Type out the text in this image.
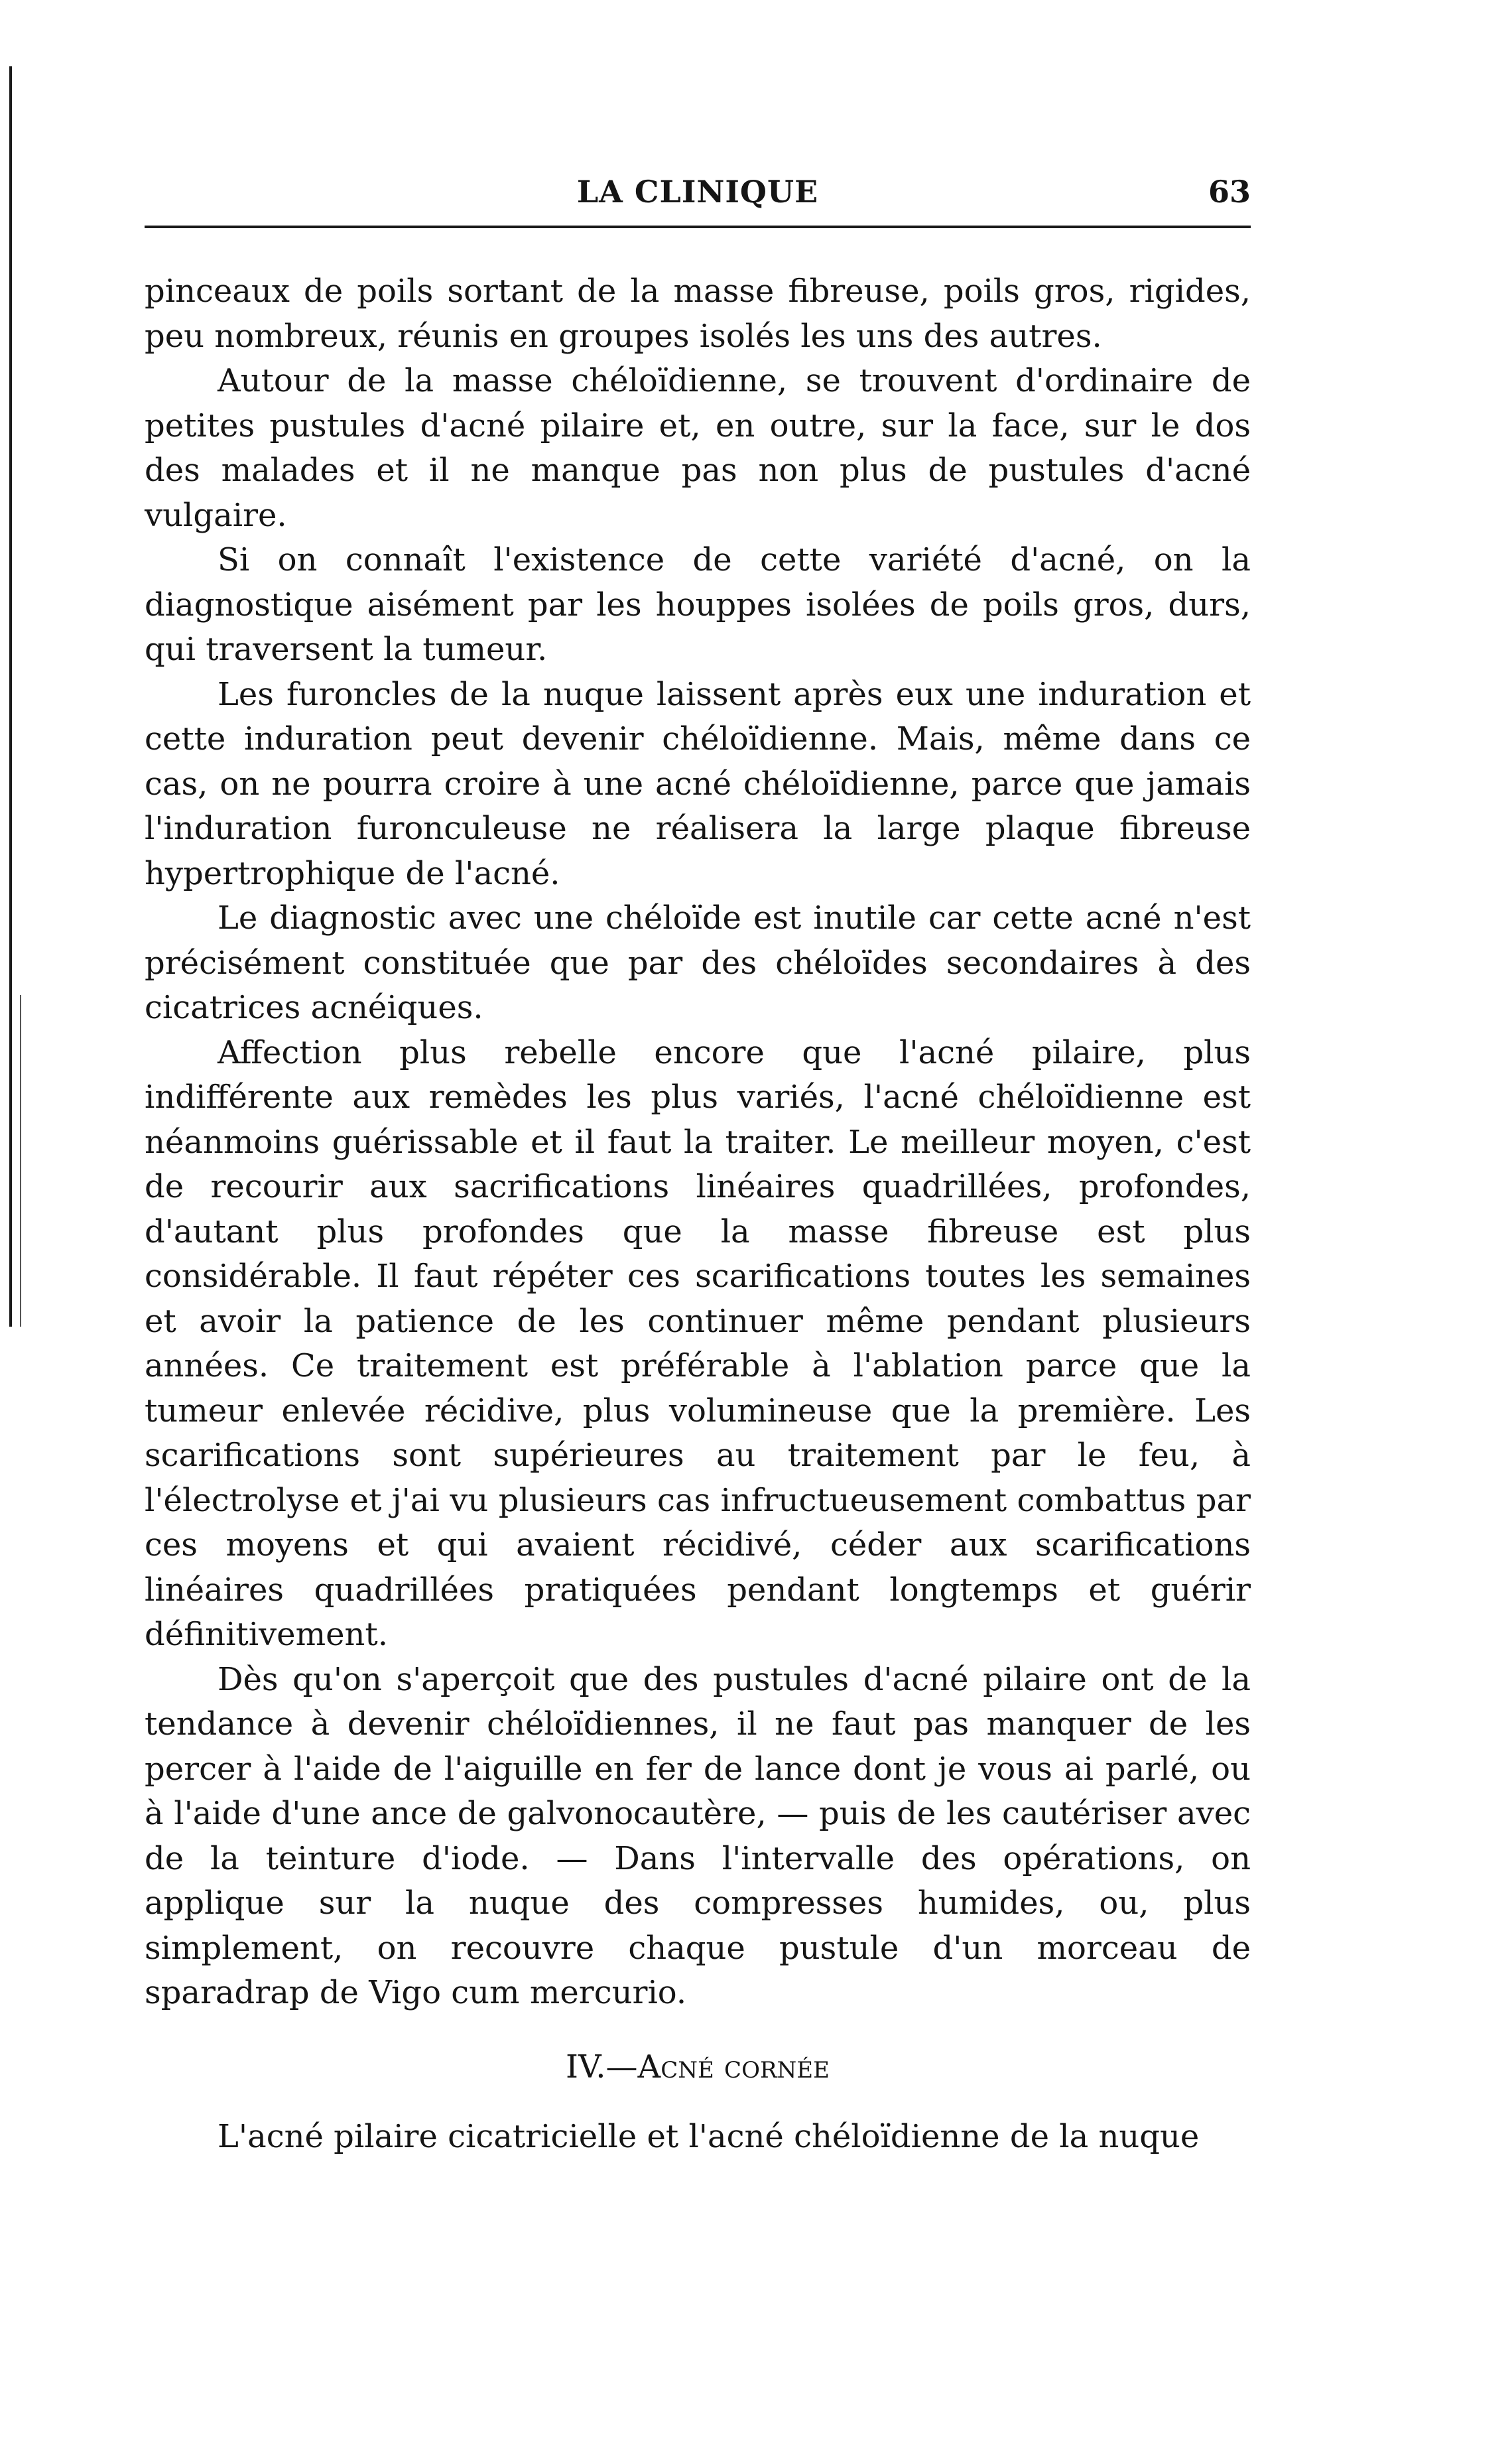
LA CLINIQUE	63

pinceaux de poils sortant de la masse fibreuse, poils gros, rigides, peu nombreux, réunis en groupes isolés les uns des autres.

Autour de la masse chéloïdienne, se trouvent d'ordinaire de petites pustules d'acné pilaire et, en outre, sur la face, sur le dos des malades et il ne manque pas non plus de pustules d'acné vulgaire.

Si on connaît l'existence de cette variété d'acné, on la diagnostique aisément par les houppes isolées de poils gros, durs, qui traversent la tumeur.

Les furoncles de la nuque laissent après eux une induration et cette induration peut devenir chéloïdienne. Mais, même dans ce cas, on ne pourra croire à une acné chéloïdienne, parce que jamais l'induration furonculeuse ne réalisera la large plaque fibreuse hypertrophique de l'acné.

Le diagnostic avec une chéloïde est inutile car cette acné n'est précisément constituée que par des chéloïdes secondaires à des cicatrices acnéiques.

Affection plus rebelle encore que l'acné pilaire, plus indifférente aux remèdes les plus variés, l'acné chéloïdienne est néanmoins guérissable et il faut la traiter. Le meilleur moyen, c'est de recourir aux sacrifications linéaires quadrillées, profondes, d'autant plus profondes que la masse fibreuse est plus considérable. Il faut répéter ces scarifications toutes les semaines et avoir la patience de les continuer même pendant plusieurs années. Ce traitement est préférable à l'ablation parce que la tumeur enlevée récidive, plus volumineuse que la première. Les scarifications sont supérieures au traitement par le feu, à l'électrolyse et j'ai vu plusieurs cas infructueusement combattus par ces moyens et qui avaient récidivé, céder aux scarifications linéaires quadrillées pratiquées pendant longtemps et guérir définitivement.

Dès qu'on s'aperçoit que des pustules d'acné pilaire ont de la tendance à devenir chéloïdiennes, il ne faut pas manquer de les percer à l'aide de l'aiguille en fer de lance dont je vous ai parlé, ou à l'aide d'une ance de galvonocautère, — puis de les cautériser avec de la teinture d'iode. — Dans l'intervalle des opérations, on applique sur la nuque des compresses humides, ou, plus simplement, on recouvre chaque pustule d'un morceau de sparadrap de Vigo cum mercurio.

IV.—Acné cornée

L'acné pilaire cicatricielle et l'acné chéloïdienne de la nuque
